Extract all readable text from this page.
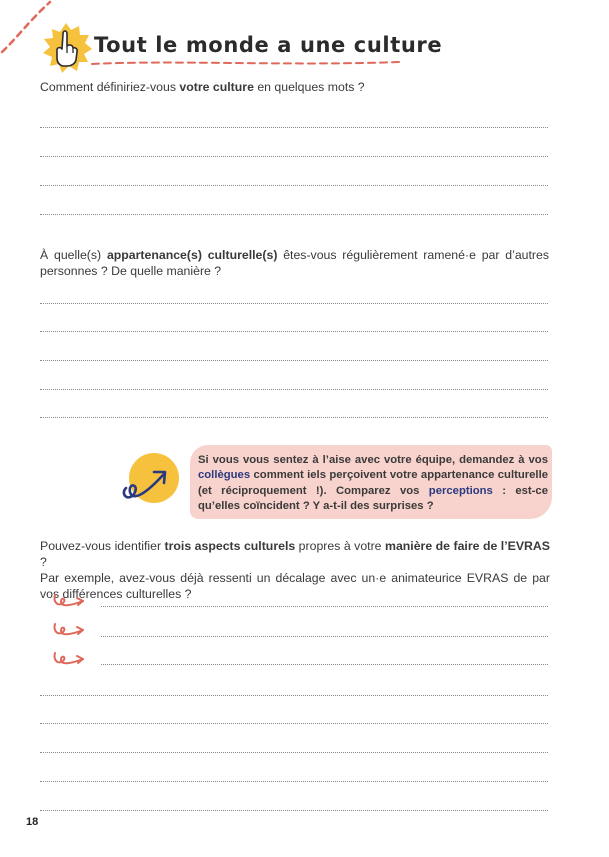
Tout le monde a une culture
Comment définiriez-vous votre culture en quelques mots ?
À quelle(s) appartenance(s) culturelle(s) êtes-vous régulièrement ramené·e par d’autres personnes ? De quelle manière ?
Si vous vous sentez à l’aise avec votre équipe, demandez à vos collègues comment iels perçoivent votre appartenance culturelle (et réciproquement !). Comparez vos perceptions : est-ce qu’elles coïncident ? Y a-t-il des surprises ?
Pouvez-vous identifier trois aspects culturels propres à votre manière de faire de l’EVRAS ?
Par exemple, avez-vous déjà ressenti un décalage avec un·e animateurice EVRAS de par vos différences culturelles ?
18
